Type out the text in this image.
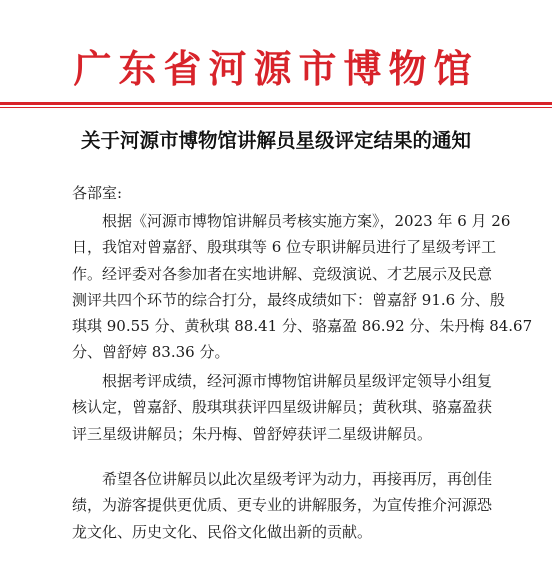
广东省河源市博物馆
关于河源市博物馆讲解员星级评定结果的通知
各部室:
根据《河源市博物馆讲解员考核实施方案》，2023 年 6 月 26
日，我馆对曾嘉舒、殷琪琪等 6 位专职讲解员进行了星级考评工
作。经评委对各参加者在实地讲解、竞级演说、才艺展示及民意
测评共四个环节的综合打分，最终成绩如下：曾嘉舒 91.6 分、殷
琪琪 90.55 分、黄秋琪 88.41 分、骆嘉盈 86.92 分、朱丹梅 84.67
分、曾舒婷 83.36 分。
根据考评成绩，经河源市博物馆讲解员星级评定领导小组复
核认定，曾嘉舒、殷琪琪获评四星级讲解员；黄秋琪、骆嘉盈获
评三星级讲解员；朱丹梅、曾舒婷获评二星级讲解员。
希望各位讲解员以此次星级考评为动力，再接再厉，再创佳
绩，为游客提供更优质、更专业的讲解服务，为宣传推介河源恐
龙文化、历史文化、民俗文化做出新的贡献。
